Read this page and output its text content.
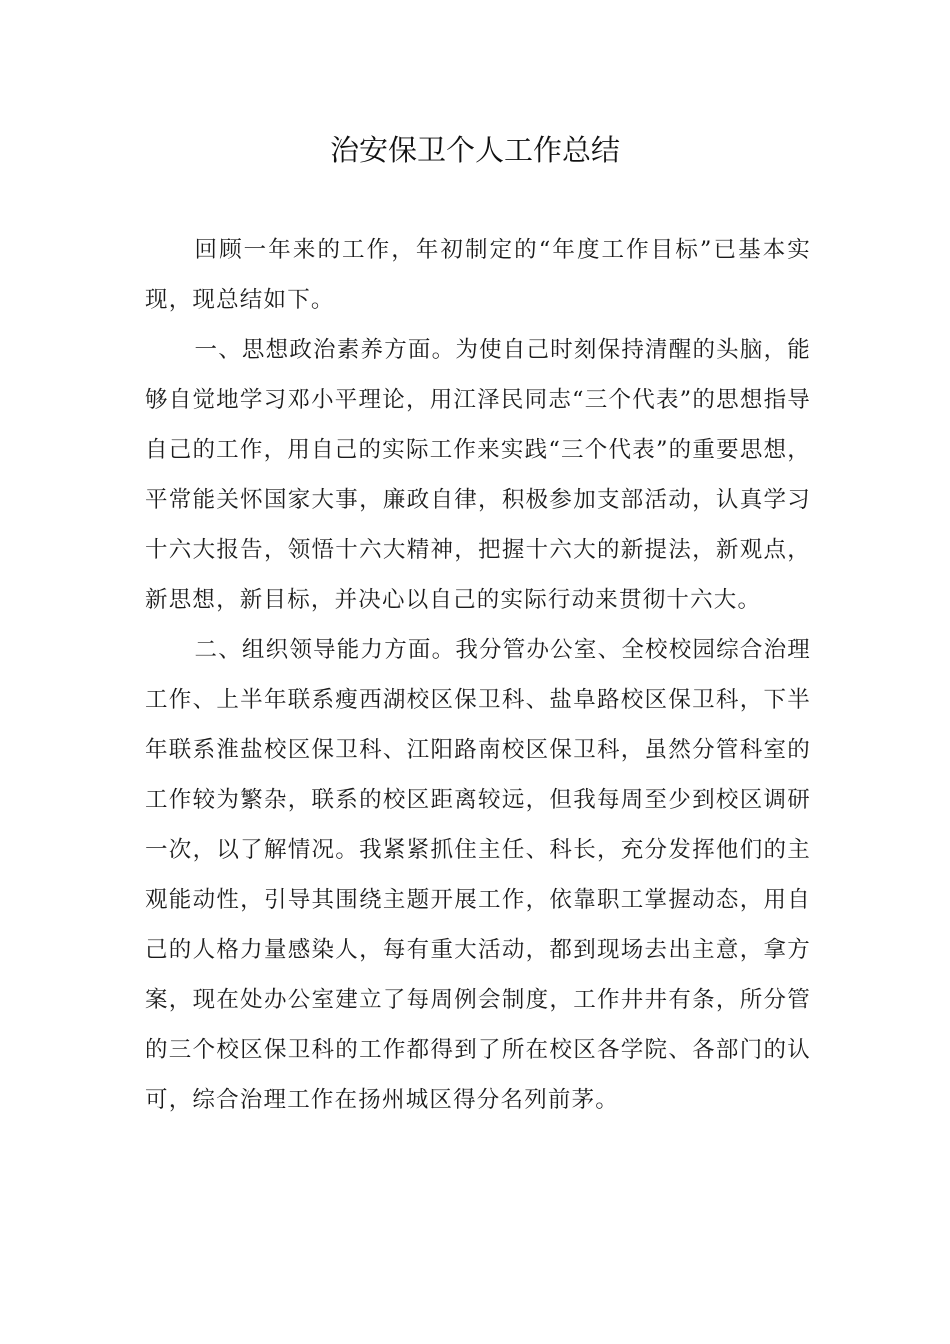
治安保卫个人工作总结

回顾一年来的工作，年初制定的“年度工作目标”已基本实现，现总结如下。

一、思想政治素养方面。为使自己时刻保持清醒的头脑，能够自觉地学习邓小平理论，用江泽民同志“三个代表”的思想指导自己的工作，用自己的实际工作来实践“三个代表”的重要思想，平常能关怀国家大事，廉政自律，积极参加支部活动，认真学习十六大报告，领悟十六大精神，把握十六大的新提法，新观点，新思想，新目标，并决心以自己的实际行动来贯彻十六大。

二、组织领导能力方面。我分管办公室、全校校园综合治理工作、上半年联系瘦西湖校区保卫科、盐阜路校区保卫科，下半年联系淮盐校区保卫科、江阳路南校区保卫科，虽然分管科室的工作较为繁杂，联系的校区距离较远，但我每周至少到校区调研一次，以了解情况。我紧紧抓住主任、科长，充分发挥他们的主观能动性，引导其围绕主题开展工作，依靠职工掌握动态，用自己的人格力量感染人，每有重大活动，都到现场去出主意，拿方案，现在处办公室建立了每周例会制度，工作井井有条，所分管的三个校区保卫科的工作都得到了所在校区各学院、各部门的认可，综合治理工作在扬州城区得分名列前茅。
